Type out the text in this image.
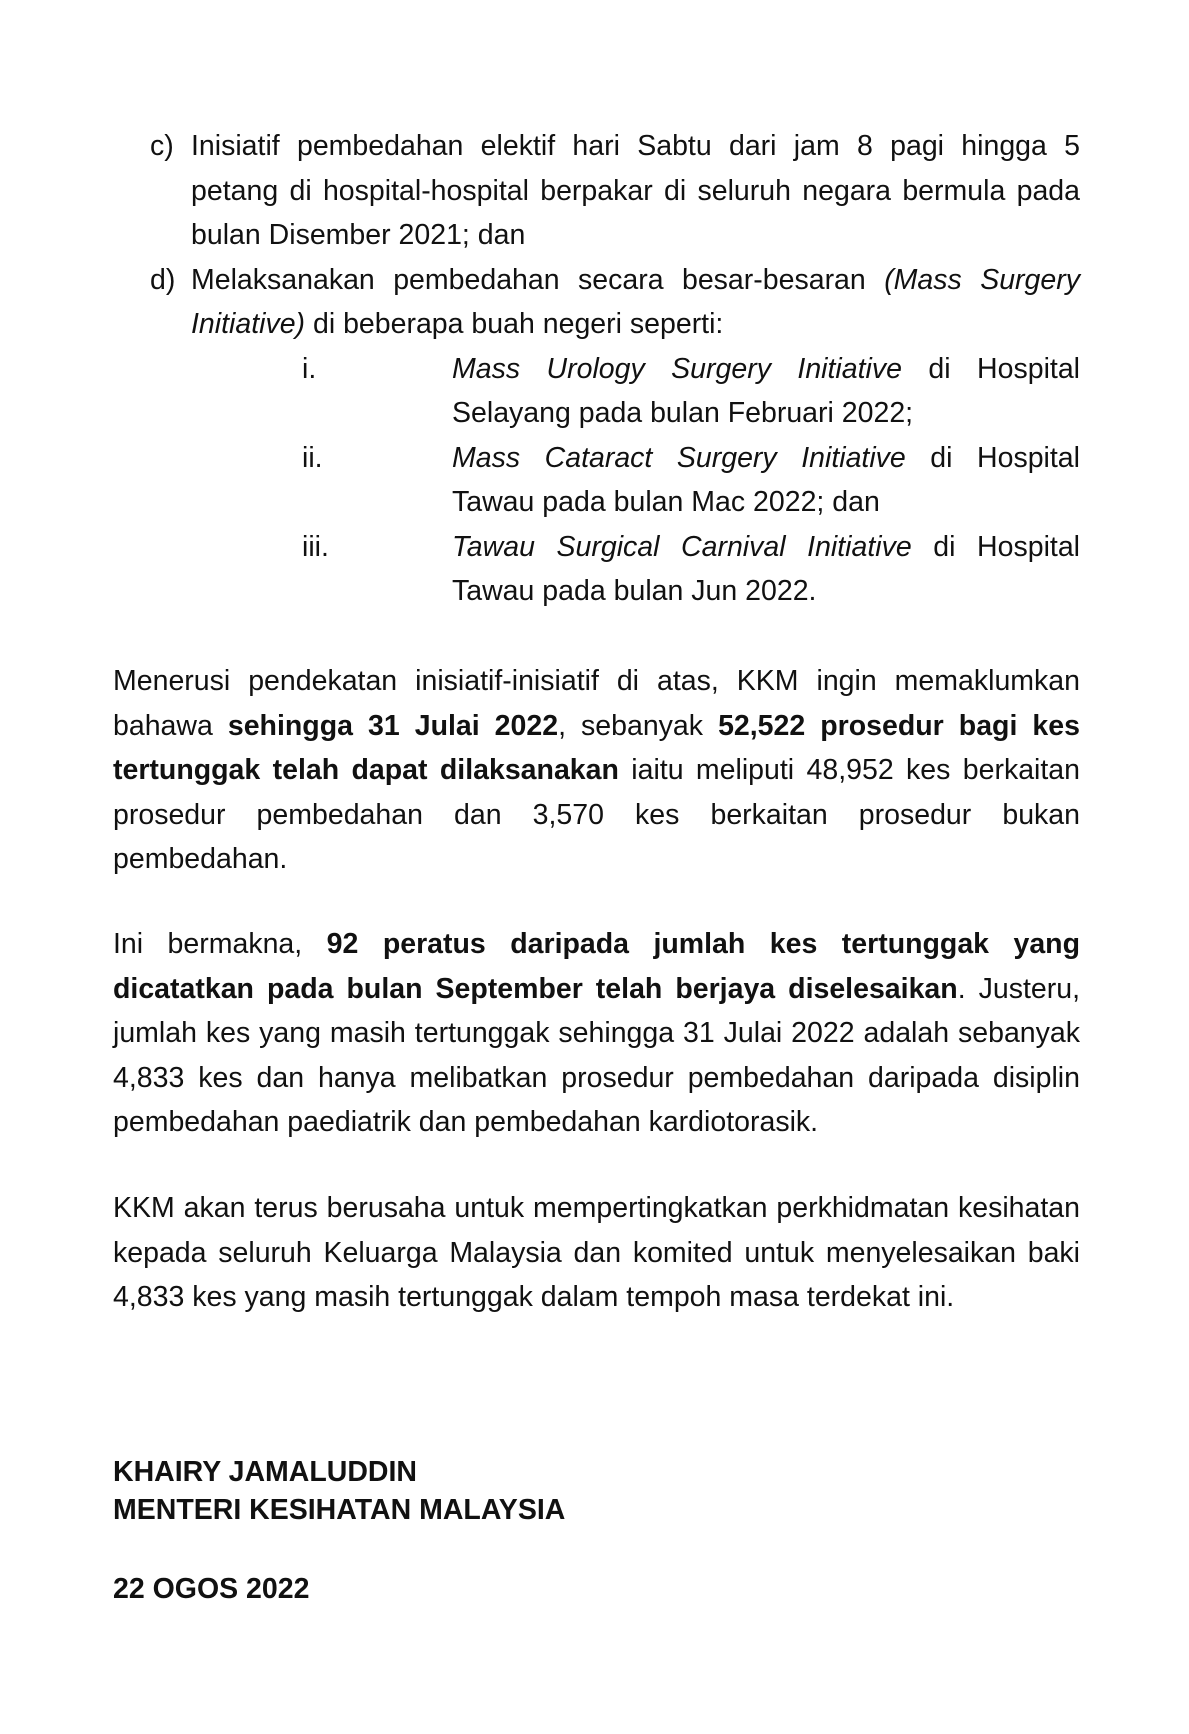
c) Inisiatif pembedahan elektif hari Sabtu dari jam 8 pagi hingga 5 petang di hospital-hospital berpakar di seluruh negara bermula pada bulan Disember 2021; dan
d) Melaksanakan pembedahan secara besar-besaran (Mass Surgery Initiative) di beberapa buah negeri seperti:
i.	Mass Urology Surgery Initiative di Hospital Selayang pada bulan Februari 2022;
ii.	Mass Cataract Surgery Initiative di Hospital Tawau pada bulan Mac 2022; dan
iii.	Tawau Surgical Carnival Initiative di Hospital Tawau pada bulan Jun 2022.
Menerusi pendekatan inisiatif-inisiatif di atas, KKM ingin memaklumkan bahawa sehingga 31 Julai 2022, sebanyak 52,522 prosedur bagi kes tertunggak telah dapat dilaksanakan iaitu meliputi 48,952 kes berkaitan prosedur pembedahan dan 3,570 kes berkaitan prosedur bukan pembedahan.
Ini bermakna, 92 peratus daripada jumlah kes tertunggak yang dicatatkan pada bulan September telah berjaya diselesaikan. Justeru, jumlah kes yang masih tertunggak sehingga 31 Julai 2022 adalah sebanyak 4,833 kes dan hanya melibatkan prosedur pembedahan daripada disiplin pembedahan paediatrik dan pembedahan kardiotorasik.
KKM akan terus berusaha untuk mempertingkatkan perkhidmatan kesihatan kepada seluruh Keluarga Malaysia dan komited untuk menyelesaikan baki 4,833 kes yang masih tertunggak dalam tempoh masa terdekat ini.
KHAIRY JAMALUDDIN
MENTERI KESIHATAN MALAYSIA
22 OGOS 2022
